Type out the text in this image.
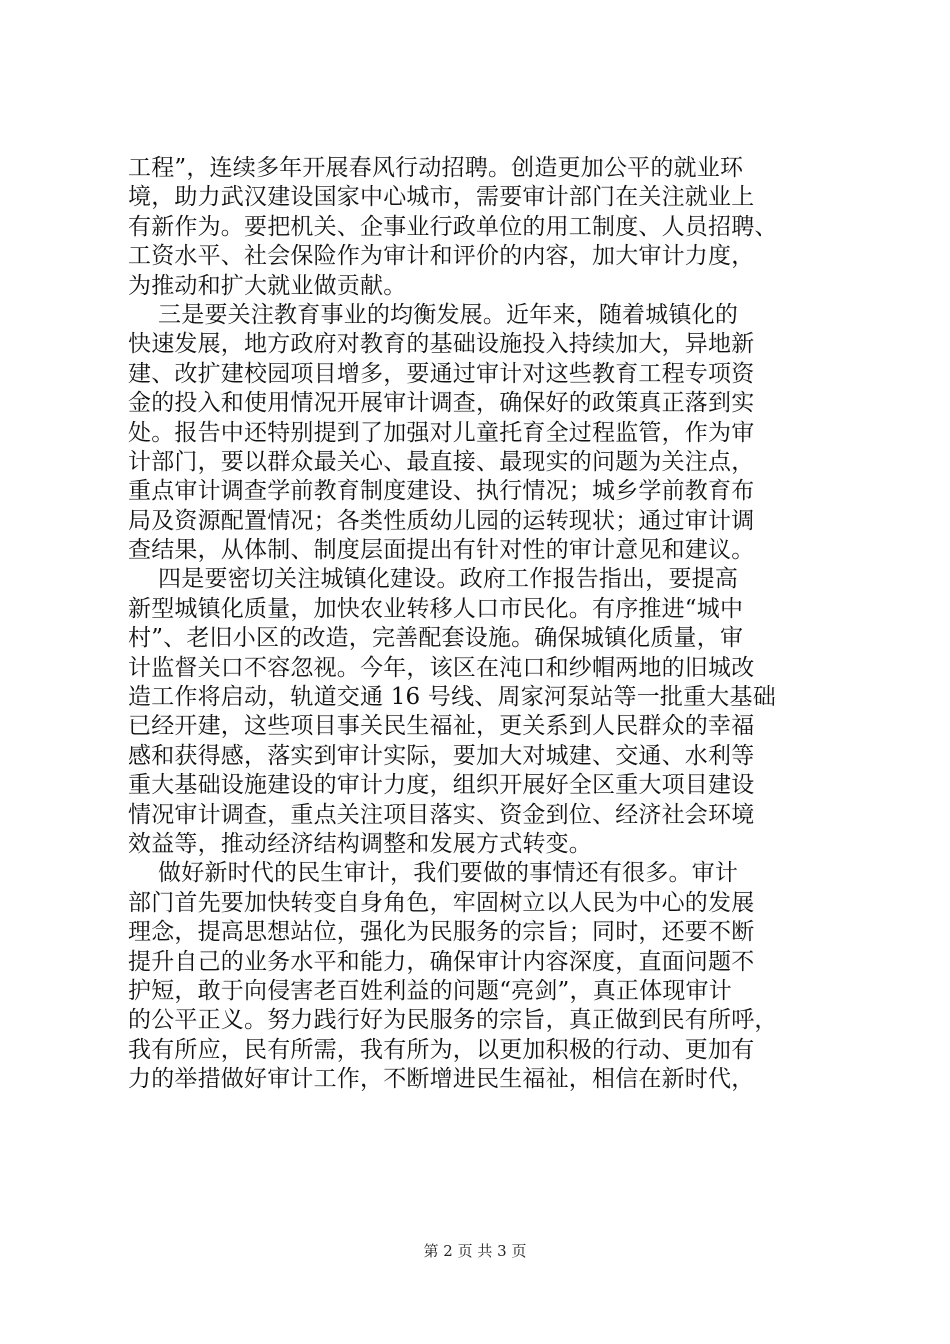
工程”，连续多年开展春风行动招聘。创造更加公平的就业环
境，助力武汉建设国家中心城市，需要审计部门在关注就业上
有新作为。要把机关、企事业行政单位的用工制度、人员招聘、
工资水平、社会保险作为审计和评价的内容，加大审计力度，
为推动和扩大就业做贡献。
三是要关注教育事业的均衡发展。近年来，随着城镇化的
快速发展，地方政府对教育的基础设施投入持续加大，异地新
建、改扩建校园项目增多，要通过审计对这些教育工程专项资
金的投入和使用情况开展审计调查，确保好的政策真正落到实
处。报告中还特别提到了加强对儿童托育全过程监管，作为审
计部门，要以群众最关心、最直接、最现实的问题为关注点，
重点审计调查学前教育制度建设、执行情况；城乡学前教育布
局及资源配置情况；各类性质幼儿园的运转现状；通过审计调
查结果，从体制、制度层面提出有针对性的审计意见和建议。
四是要密切关注城镇化建设。政府工作报告指出，要提高
新型城镇化质量，加快农业转移人口市民化。有序推进“城中
村”、老旧小区的改造，完善配套设施。确保城镇化质量，审
计监督关口不容忽视。今年，该区在沌口和纱帽两地的旧城改
造工作将启动，轨道交通 16 号线、周家河泵站等一批重大基础
已经开建，这些项目事关民生福祉，更关系到人民群众的幸福
感和获得感，落实到审计实际，要加大对城建、交通、水利等
重大基础设施建设的审计力度，组织开展好全区重大项目建设
情况审计调查，重点关注项目落实、资金到位、经济社会环境
效益等，推动经济结构调整和发展方式转变。
做好新时代的民生审计，我们要做的事情还有很多。审计
部门首先要加快转变自身角色，牢固树立以人民为中心的发展
理念，提高思想站位，强化为民服务的宗旨；同时，还要不断
提升自己的业务水平和能力，确保审计内容深度，直面问题不
护短，敢于向侵害老百姓利益的问题“亮剑”，真正体现审计
的公平正义。努力践行好为民服务的宗旨，真正做到民有所呼，
我有所应，民有所需，我有所为，以更加积极的行动、更加有
力的举措做好审计工作，不断增进民生福祉，相信在新时代，
第 2 页 共 3 页
